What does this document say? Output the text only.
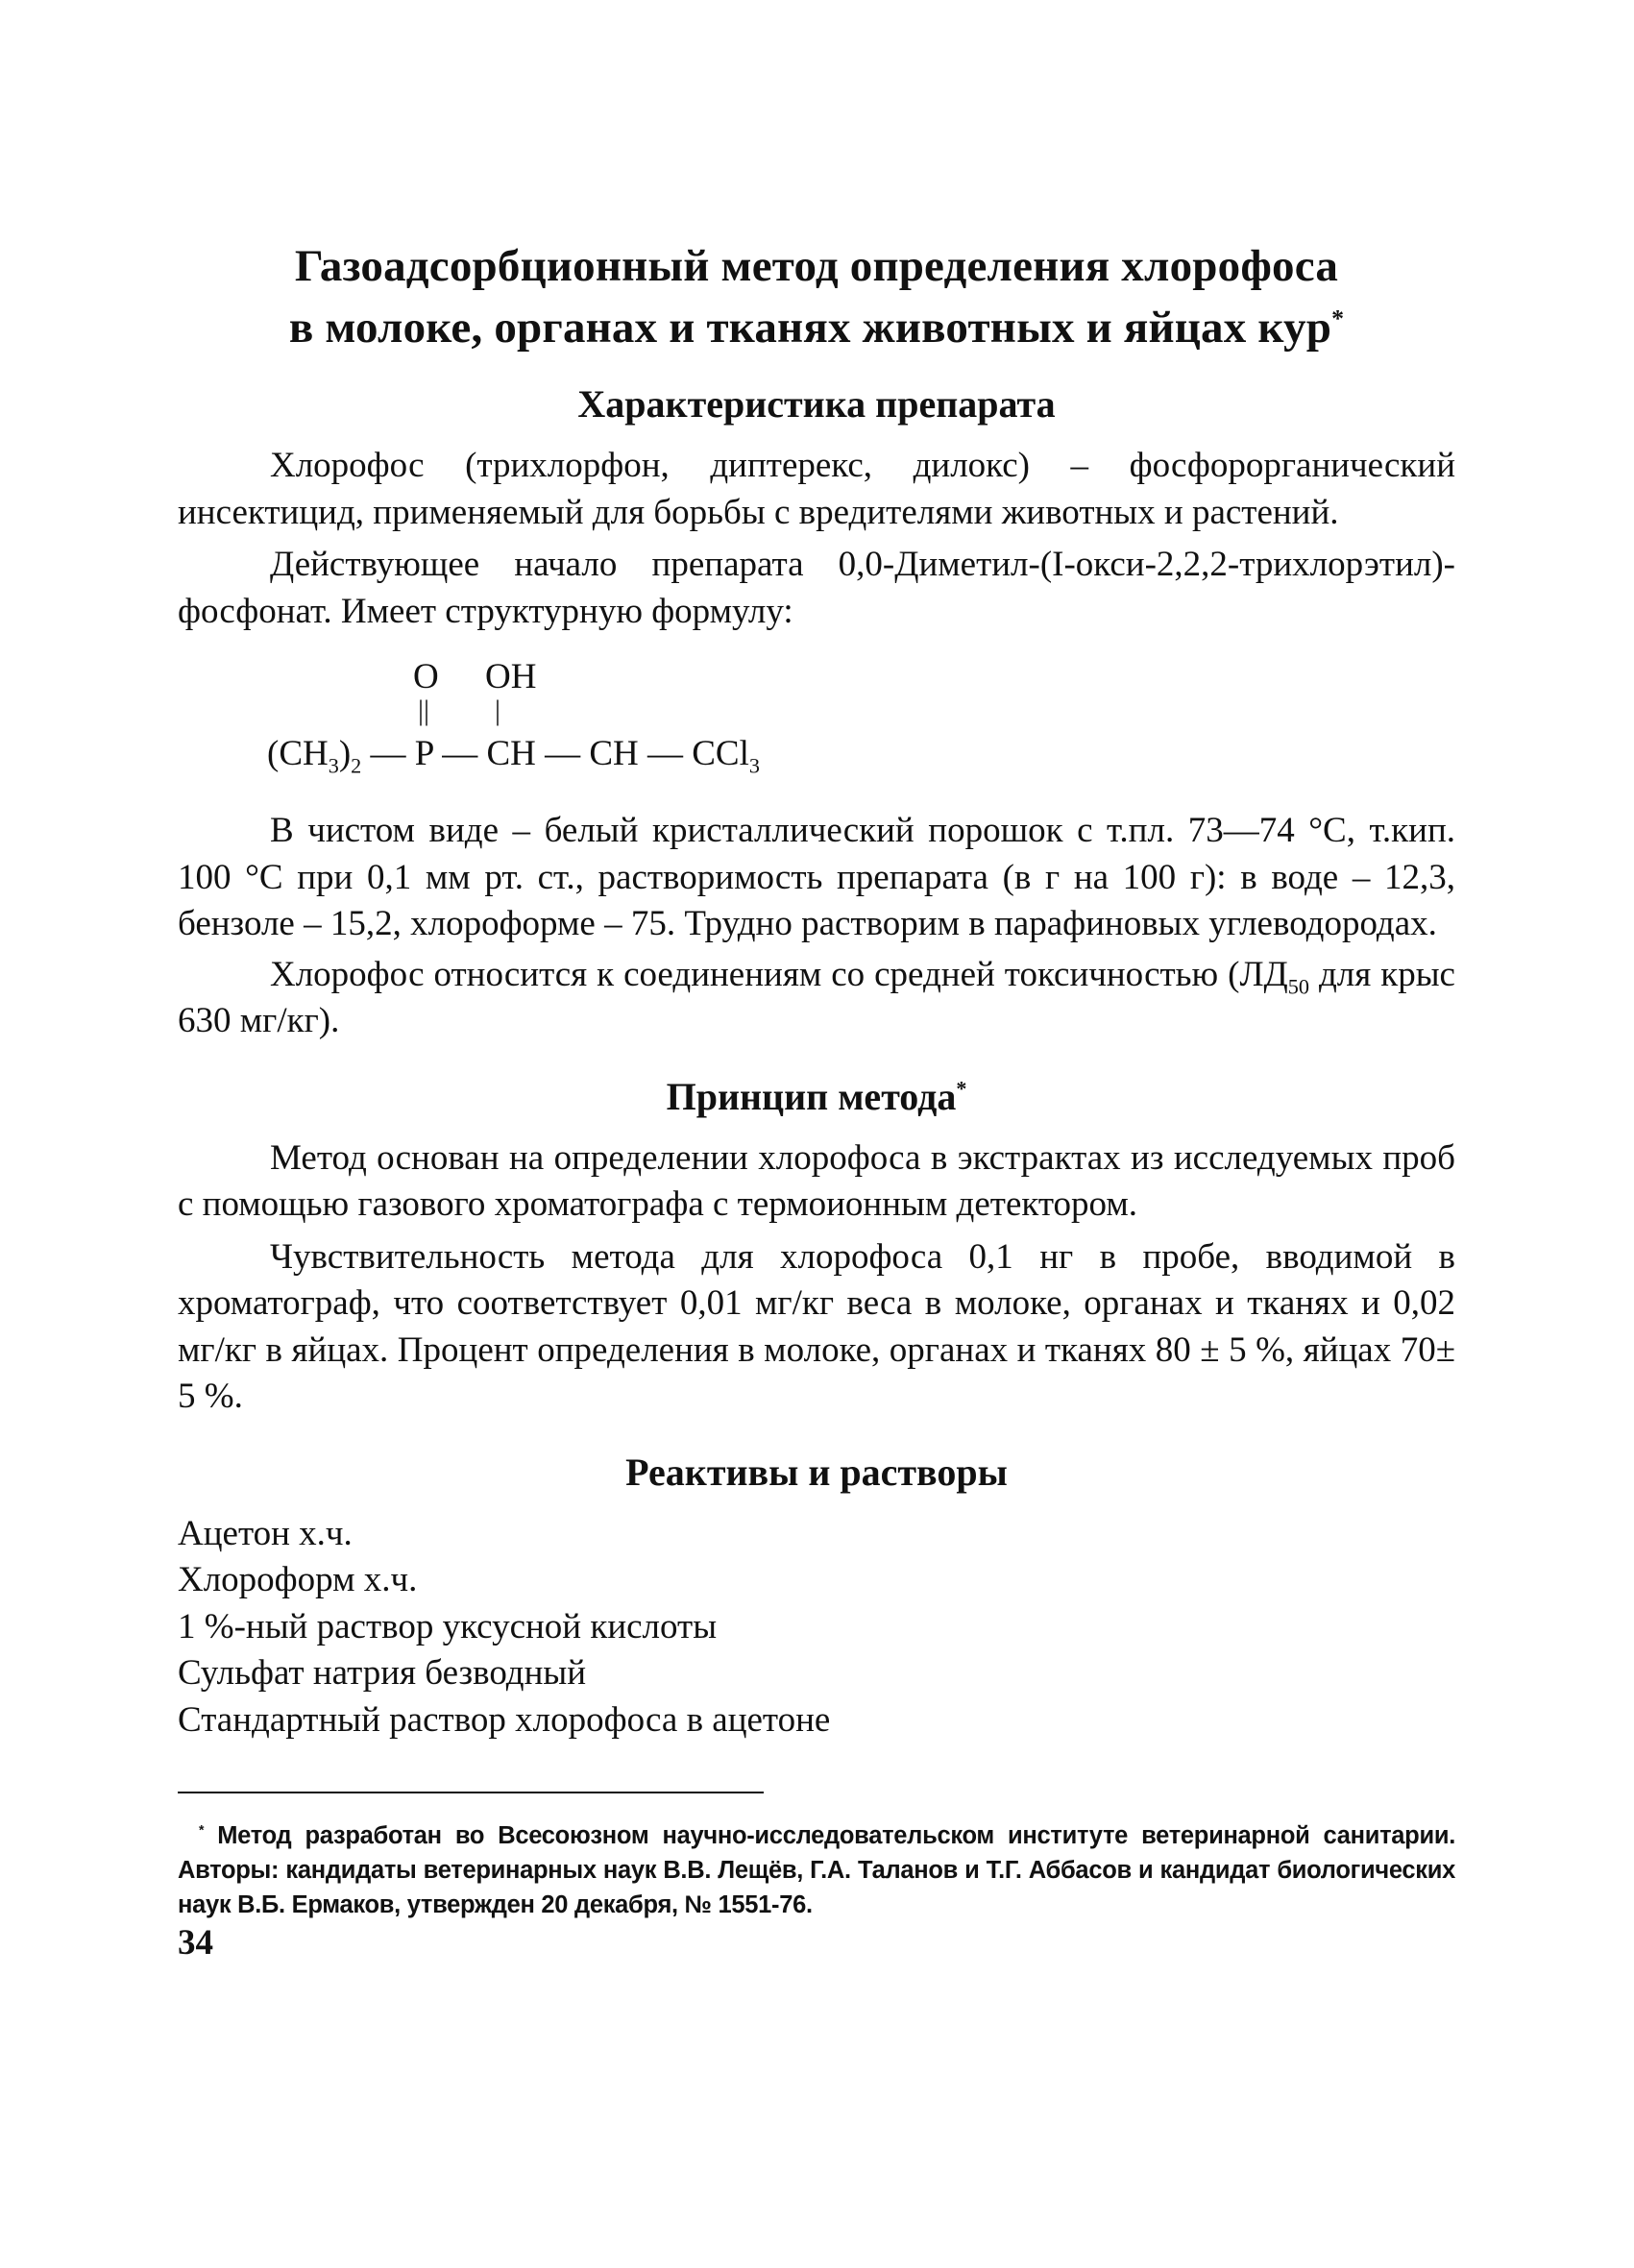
Газоадсорбционный метод определения хлорофоса

в молоке, органах и тканях животных и яйцах кур*

Характеристика препарата

Хлорофос (трихлорфон, диптерекс, дилокс) – фосфорорганический инсектицид, применяемый для борьбы с вредителями животных и растений.

Действующее начало препарата 0,0-Диметил-(I-окси-2,2,2-трихлорэтил)-фосфонат. Имеет структурную формулу:

O OH
|| |
$(CH_3)_2$ — P — CH — CH — CCl$_3$

В чистом виде – белый кристаллический порошок с т.пл. 73—74 °С, т.кип. 100 °С при 0,1 мм рт. ст., растворимость препарата (в г на 100 г): в воде – 12,3, бензоле – 15,2, хлороформе – 75. Трудно растворим в парафиновых углеводородах.

Хлорофос относится к соединениям со средней токсичностью ($ЛД_{50}$ для крыс 630 мг/кг).

Принцип метода*

Метод основан на определении хлорофоса в экстрактах из исследуемых проб с помощью газового хроматографа с термоионным детектором.

Чувствительность метода для хлорофоса 0,1 нг в пробе, вводимой в хроматограф, что соответствует 0,01 мг/кг веса в молоке, органах и тканях и 0,02 мг/кг в яйцах. Процент определения в молоке, органах и тканях 80 ± 5 %, яйцах 70± 5 %.

Реактивы и растворы
Ацетон х.ч.
Хлороформ х.ч.
1 %-ный раствор уксусной кислоты
Сульфат натрия безводный
Стандартный раствор хлорофоса в ацетоне

* Метод разработан во Всесоюзном научно-исследовательском институте ветеринарной санитарии. Авторы: кандидаты ветеринарных наук В.В. Лещёв, Г.А. Таланов и Т.Г. Аббасов и кандидат биологических наук В.Б. Ермаков, утвержден 20 декабря, № 1551-76.

34
